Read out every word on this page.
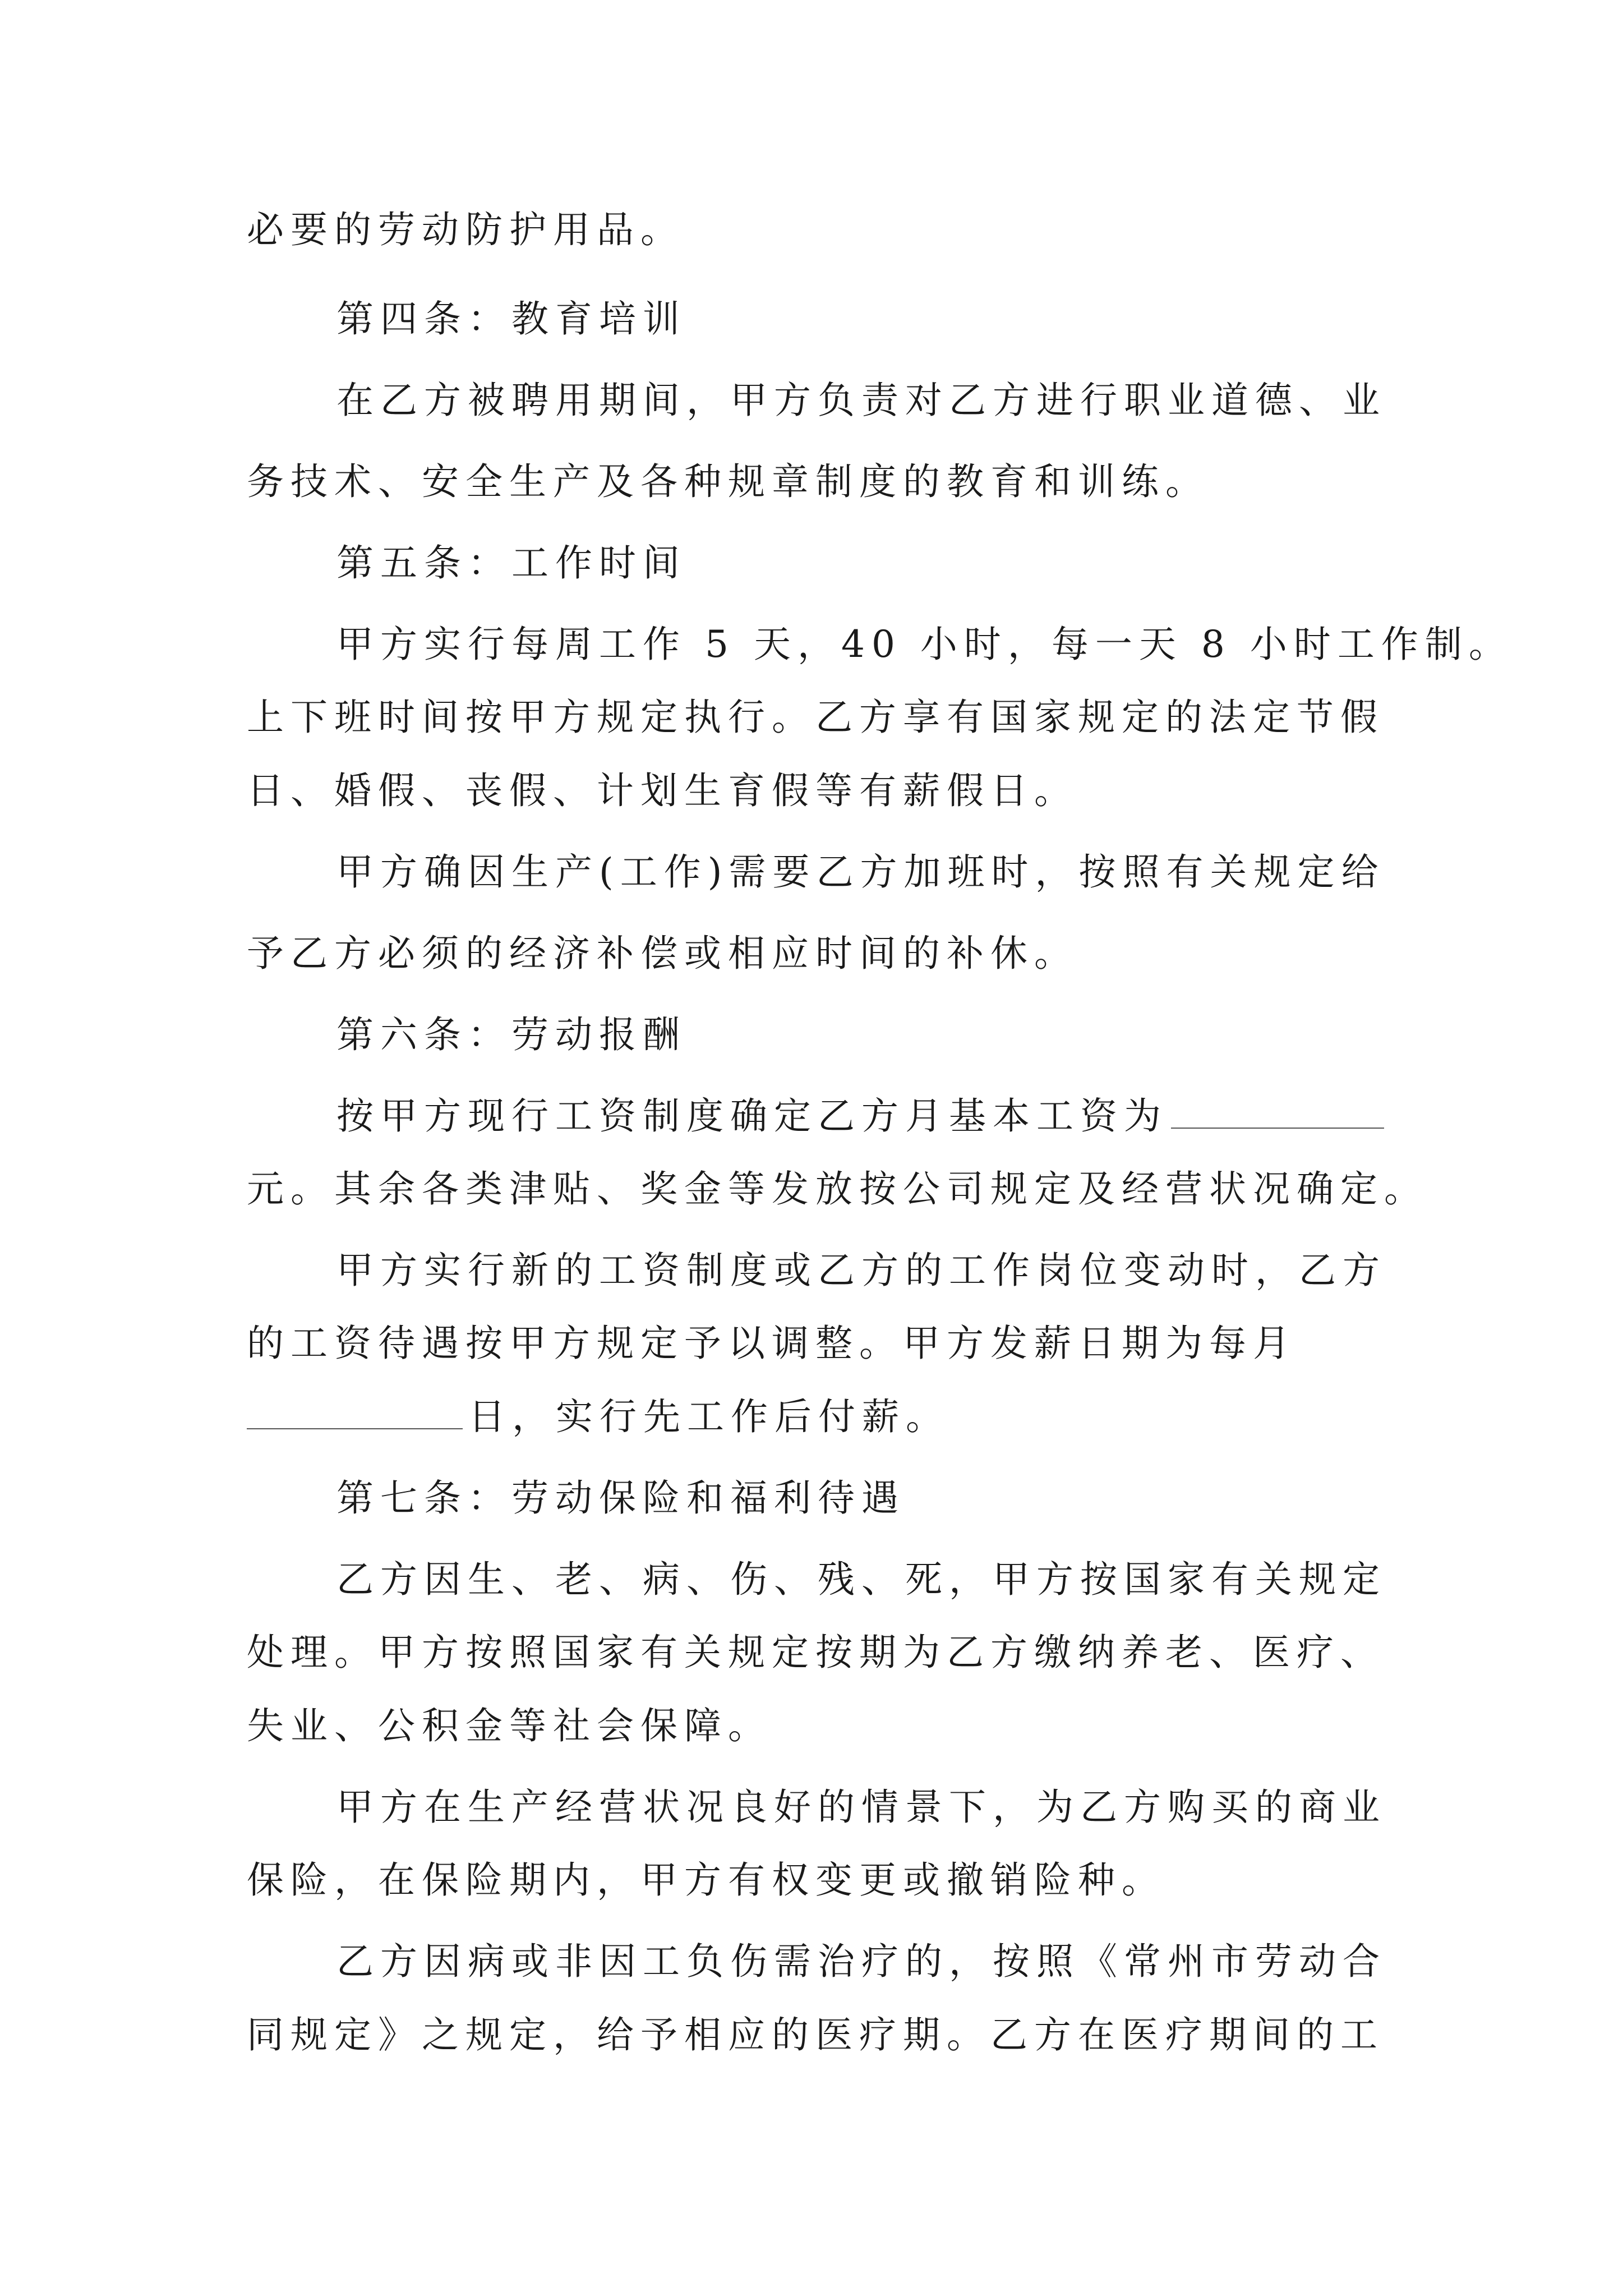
必要的劳动防护用品。
第四条：教育培训
在乙方被聘用期间，甲方负责对乙方进行职业道德、业
务技术、安全生产及各种规章制度的教育和训练。
第五条：工作时间
甲方实行每周工作 5 天，40 小时，每一天 8 小时工作制。
上下班时间按甲方规定执行。乙方享有国家规定的法定节假
日、婚假、丧假、计划生育假等有薪假日。
甲方确因生产(工作)需要乙方加班时，按照有关规定给
予乙方必须的经济补偿或相应时间的补休。
第六条：劳动报酬
按甲方现行工资制度确定乙方月基本工资为
元。其余各类津贴、奖金等发放按公司规定及经营状况确定。
甲方实行新的工资制度或乙方的工作岗位变动时，乙方
的工资待遇按甲方规定予以调整。甲方发薪日期为每月
日，实行先工作后付薪。
第七条：劳动保险和福利待遇
乙方因生、老、病、伤、残、死，甲方按国家有关规定
处理。甲方按照国家有关规定按期为乙方缴纳养老、医疗、
失业、公积金等社会保障。
甲方在生产经营状况良好的情景下，为乙方购买的商业
保险，在保险期内，甲方有权变更或撤销险种。
乙方因病或非因工负伤需治疗的，按照《常州市劳动合
同规定》之规定，给予相应的医疗期。乙方在医疗期间的工
